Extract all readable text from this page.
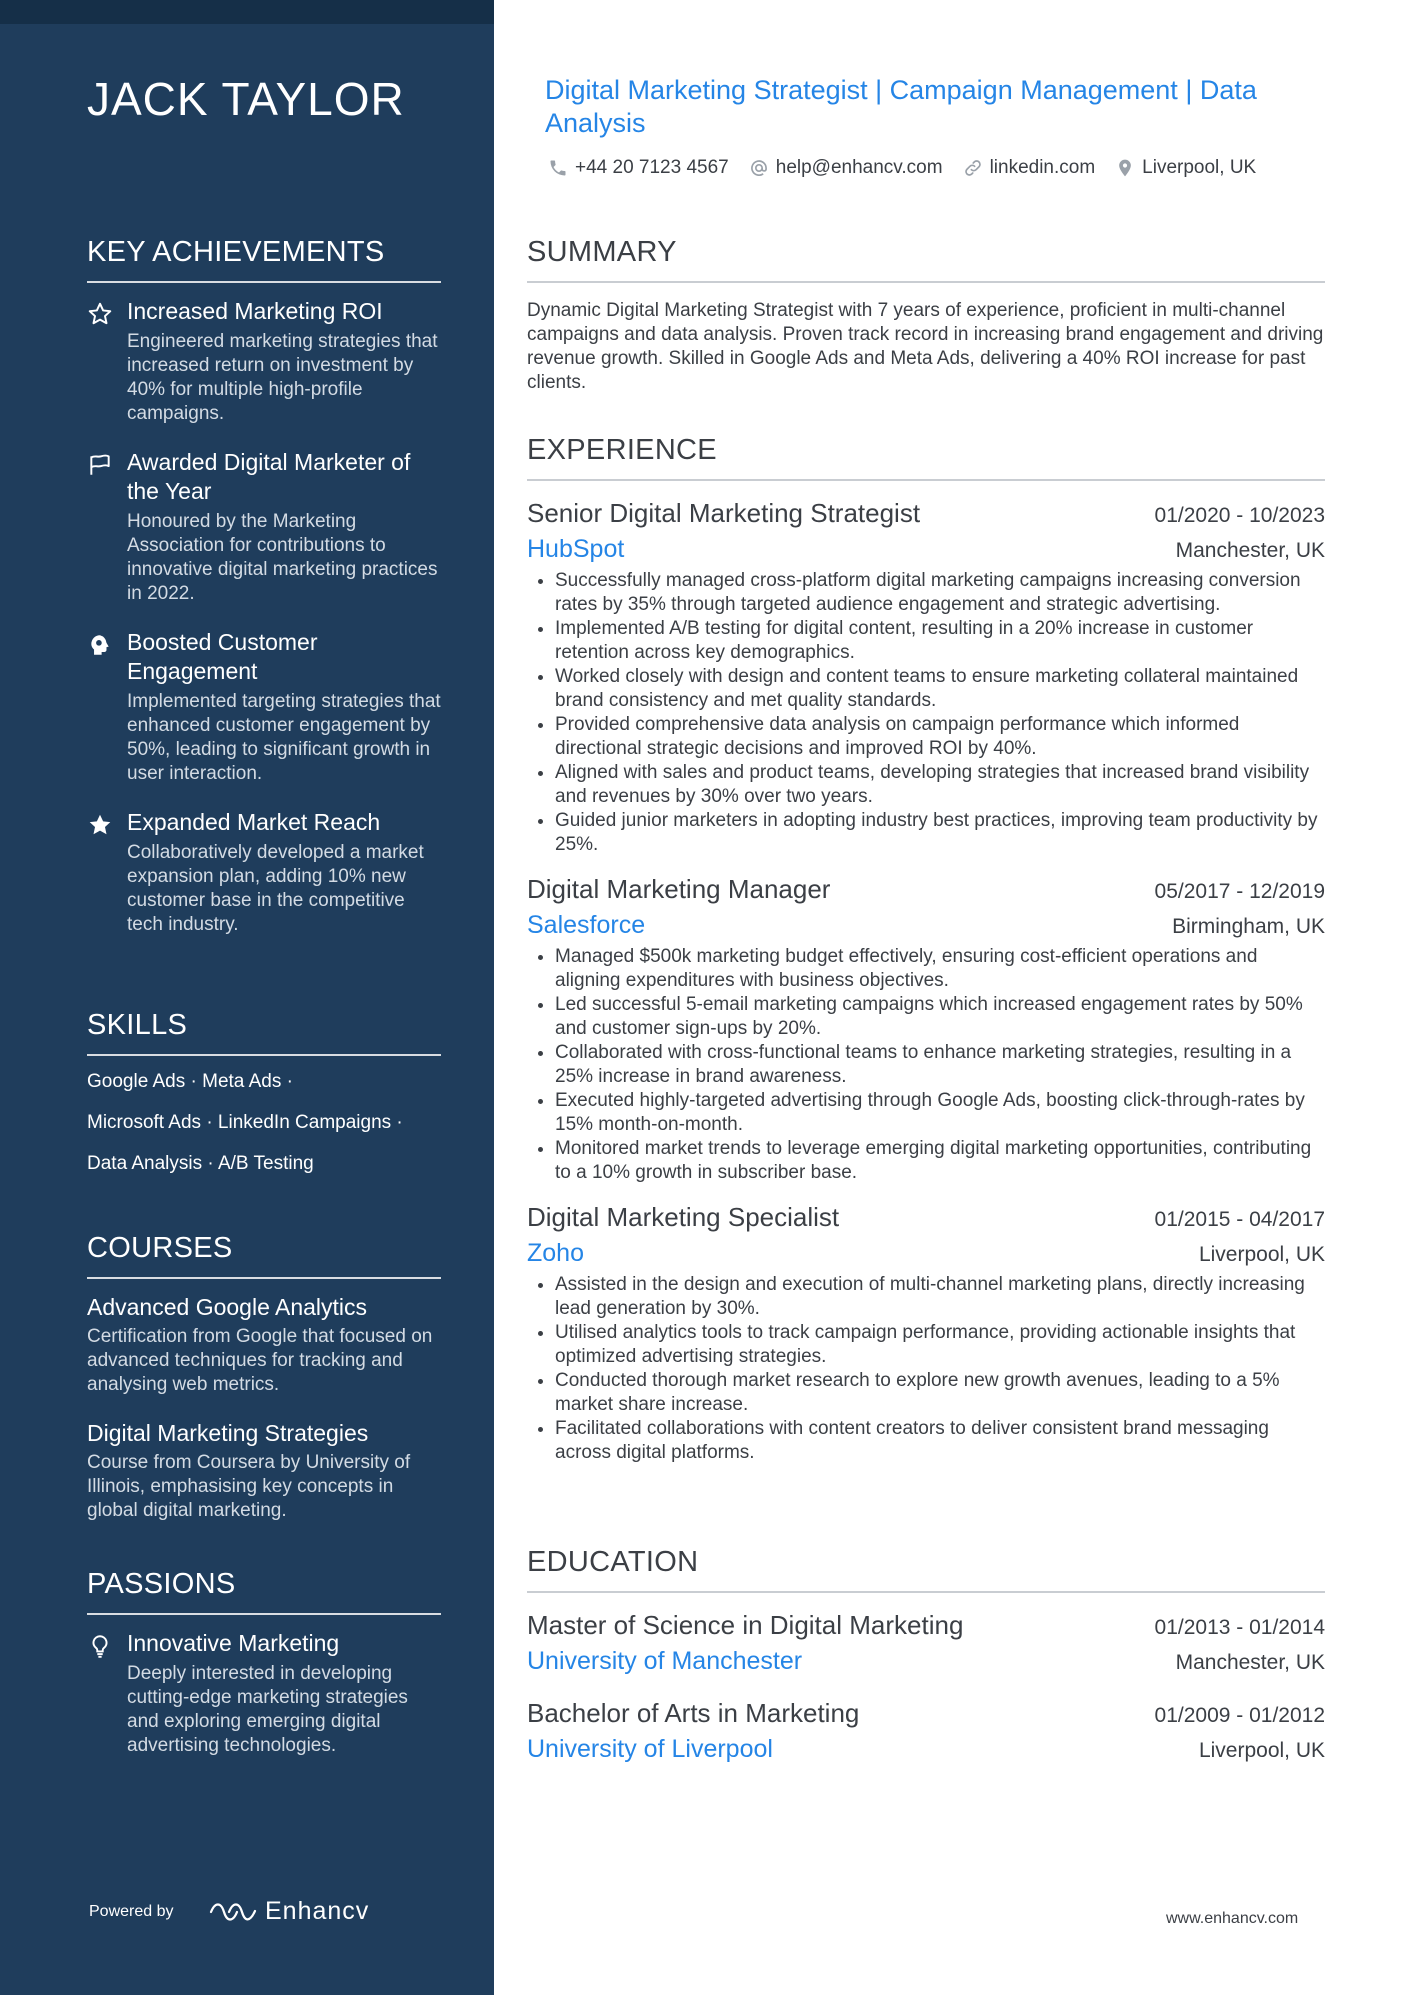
JACK TAYLOR
KEY ACHIEVEMENTS
Increased Marketing ROI
Engineered marketing strategies that increased return on investment by 40% for multiple high-profile campaigns.
Awarded Digital Marketer of the Year
Honoured by the Marketing Association for contributions to innovative digital marketing practices in 2022.
Boosted Customer Engagement
Implemented targeting strategies that enhanced customer engagement by 50%, leading to significant growth in user interaction.
Expanded Market Reach
Collaboratively developed a market expansion plan, adding 10% new customer base in the competitive tech industry.
SKILLS
Google Ads · Meta Ads ·
Microsoft Ads · LinkedIn Campaigns ·
Data Analysis · A/B Testing
COURSES
Advanced Google Analytics
Certification from Google that focused on advanced techniques for tracking and analysing web metrics.
Digital Marketing Strategies
Course from Coursera by University of Illinois, emphasising key concepts in global digital marketing.
PASSIONS
Innovative Marketing
Deeply interested in developing cutting-edge marketing strategies and exploring emerging digital advertising technologies.
Powered by	Enhancv
Digital Marketing Strategist | Campaign Management | Data Analysis
+44 20 7123 4567 help@enhancv.com linkedin.com Liverpool, UK
SUMMARY
Dynamic Digital Marketing Strategist with 7 years of experience, proficient in multi-channel campaigns and data analysis. Proven track record in increasing brand engagement and driving revenue growth. Skilled in Google Ads and Meta Ads, delivering a 40% ROI increase for past clients.
EXPERIENCE
Senior Digital Marketing Strategist	01/2020 - 10/2023
HubSpot	Manchester, UK
• Successfully managed cross-platform digital marketing campaigns increasing conversion rates by 35% through targeted audience engagement and strategic advertising.
• Implemented A/B testing for digital content, resulting in a 20% increase in customer retention across key demographics.
• Worked closely with design and content teams to ensure marketing collateral maintained brand consistency and met quality standards.
• Provided comprehensive data analysis on campaign performance which informed directional strategic decisions and improved ROI by 40%.
• Aligned with sales and product teams, developing strategies that increased brand visibility and revenues by 30% over two years.
• Guided junior marketers in adopting industry best practices, improving team productivity by 25%.
Digital Marketing Manager	05/2017 - 12/2019
Salesforce	Birmingham, UK
• Managed $500k marketing budget effectively, ensuring cost-efficient operations and aligning expenditures with business objectives.
• Led successful 5-email marketing campaigns which increased engagement rates by 50% and customer sign-ups by 20%.
• Collaborated with cross-functional teams to enhance marketing strategies, resulting in a 25% increase in brand awareness.
• Executed highly-targeted advertising through Google Ads, boosting click-through-rates by 15% month-on-month.
• Monitored market trends to leverage emerging digital marketing opportunities, contributing to a 10% growth in subscriber base.
Digital Marketing Specialist	01/2015 - 04/2017
Zoho	Liverpool, UK
• Assisted in the design and execution of multi-channel marketing plans, directly increasing lead generation by 30%.
• Utilised analytics tools to track campaign performance, providing actionable insights that optimized advertising strategies.
• Conducted thorough market research to explore new growth avenues, leading to a 5% market share increase.
• Facilitated collaborations with content creators to deliver consistent brand messaging across digital platforms.
EDUCATION
Master of Science in Digital Marketing	01/2013 - 01/2014
University of Manchester	Manchester, UK
Bachelor of Arts in Marketing	01/2009 - 01/2012
University of Liverpool	Liverpool, UK
www.enhancv.com
